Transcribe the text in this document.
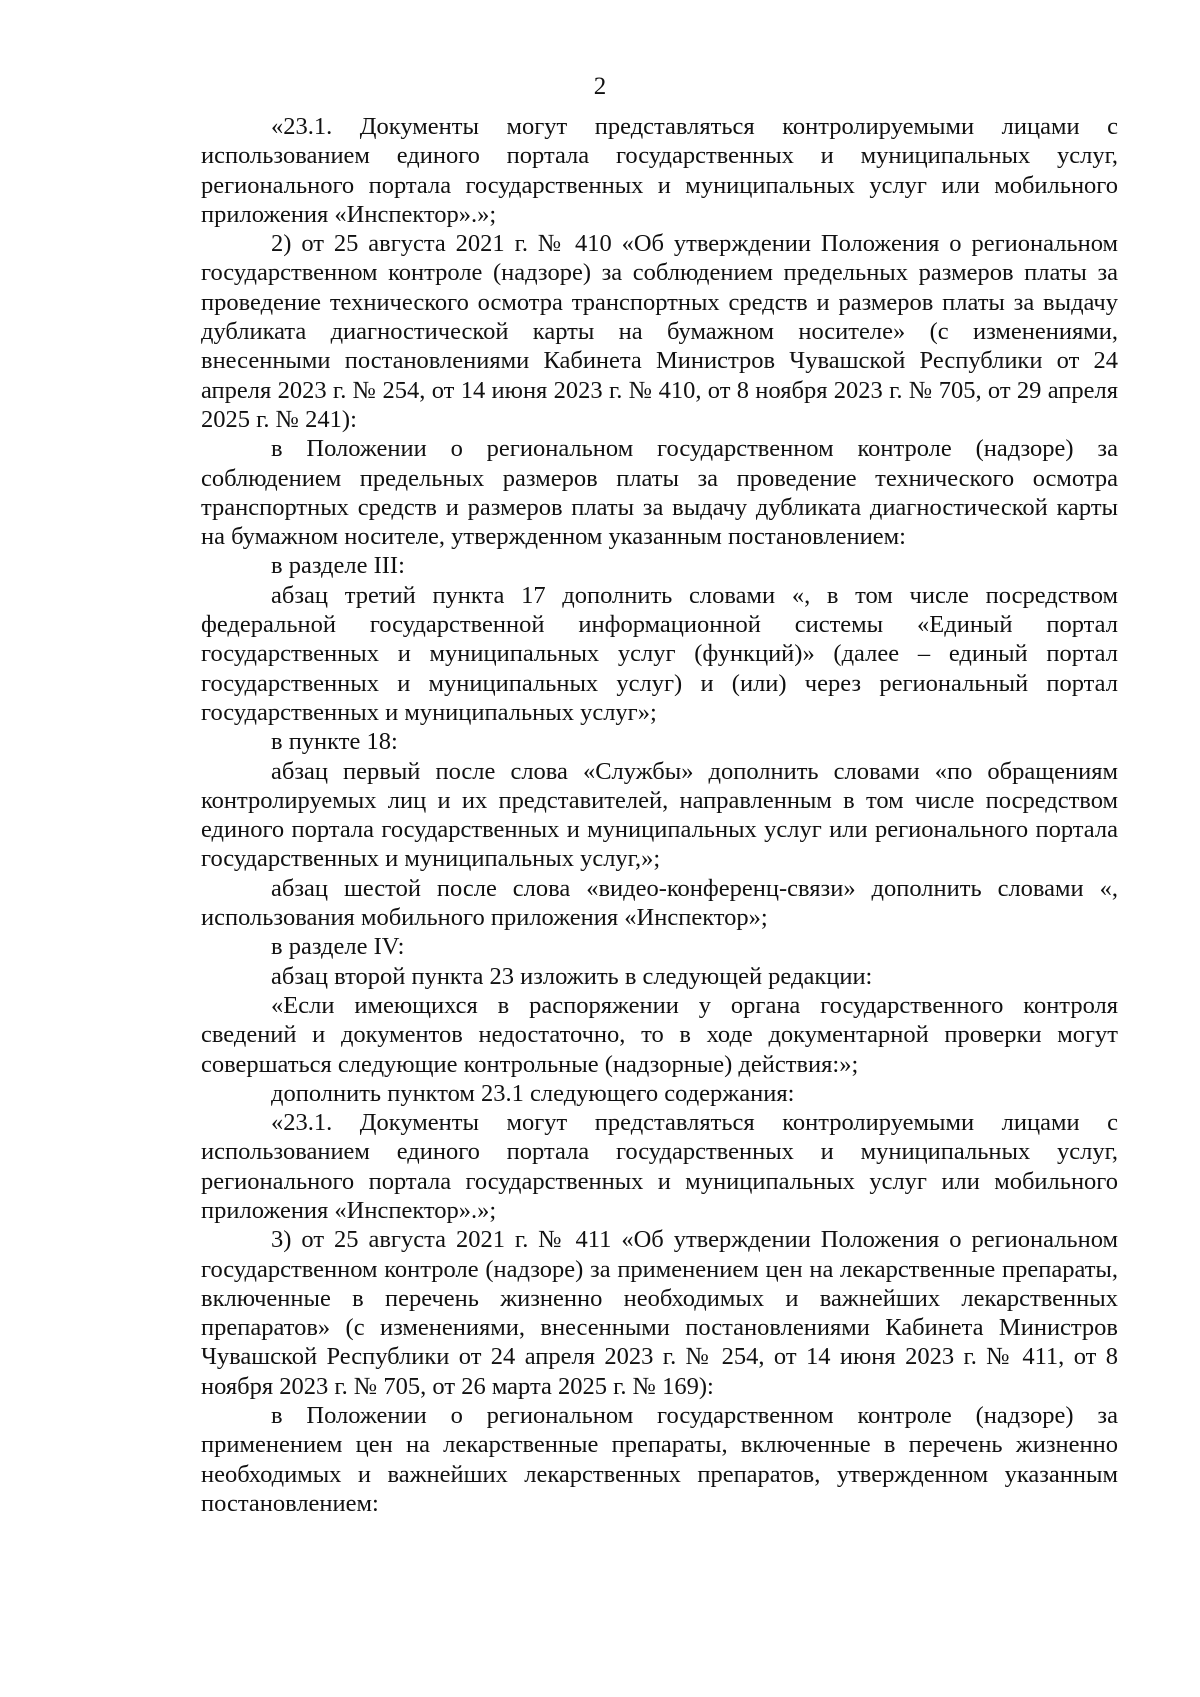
2

«23.1. Документы могут представляться контролируемыми лицами с использованием единого портала государственных и муниципальных услуг, регионального портала государственных и муниципальных услуг или мобильного приложения «Инспектор».»;

2) от 25 августа 2021 г. № 410 «Об утверждении Положения о региональном государственном контроле (надзоре) за соблюдением предельных размеров платы за проведение технического осмотра транспортных средств и размеров платы за выдачу дубликата диагностической карты на бумажном носителе» (с изменениями, внесенными постановлениями Кабинета Министров Чувашской Республики от 24 апреля 2023 г. № 254, от 14 июня 2023 г. № 410, от 8 ноября 2023 г. № 705, от 29 апреля 2025 г. № 241):

в Положении о региональном государственном контроле (надзоре) за соблюдением предельных размеров платы за проведение технического осмотра транспортных средств и размеров платы за выдачу дубликата диагностической карты на бумажном носителе, утвержденном указанным постановлением:

в разделе III:

абзац третий пункта 17 дополнить словами «, в том числе посредством федеральной государственной информационной системы «Единый портал государственных и муниципальных услуг (функций)» (далее – единый портал государственных и муниципальных услуг) и (или) через региональный портал государственных и муниципальных услуг»;

в пункте 18:

абзац первый после слова «Службы» дополнить словами «по обращениям контролируемых лиц и их представителей, направленным в том числе посредством единого портала государственных и муниципальных услуг или регионального портала государственных и муниципальных услуг,»;

абзац шестой после слова «видео-конференц-связи» дополнить словами «, использования мобильного приложения «Инспектор»;

в разделе IV:

абзац второй пункта 23 изложить в следующей редакции:

«Если имеющихся в распоряжении у органа государственного контроля сведений и документов недостаточно, то в ходе документарной проверки могут совершаться следующие контрольные (надзорные) действия:»;

дополнить пунктом 23.1 следующего содержания:

«23.1. Документы могут представляться контролируемыми лицами с использованием единого портала государственных и муниципальных услуг, регионального портала государственных и муниципальных услуг или мобильного приложения «Инспектор».»;

3) от 25 августа 2021 г. № 411 «Об утверждении Положения о региональном государственном контроле (надзоре) за применением цен на лекарственные препараты, включенные в перечень жизненно необходимых и важнейших лекарственных препаратов» (с изменениями, внесенными постановлениями Кабинета Министров Чувашской Республики от 24 апреля 2023 г. № 254, от 14 июня 2023 г. № 411, от 8 ноября 2023 г. № 705, от 26 марта 2025 г. № 169):

в Положении о региональном государственном контроле (надзоре) за применением цен на лекарственные препараты, включенные в перечень жизненно необходимых и важнейших лекарственных препаратов, утвержденном указанным постановлением:
